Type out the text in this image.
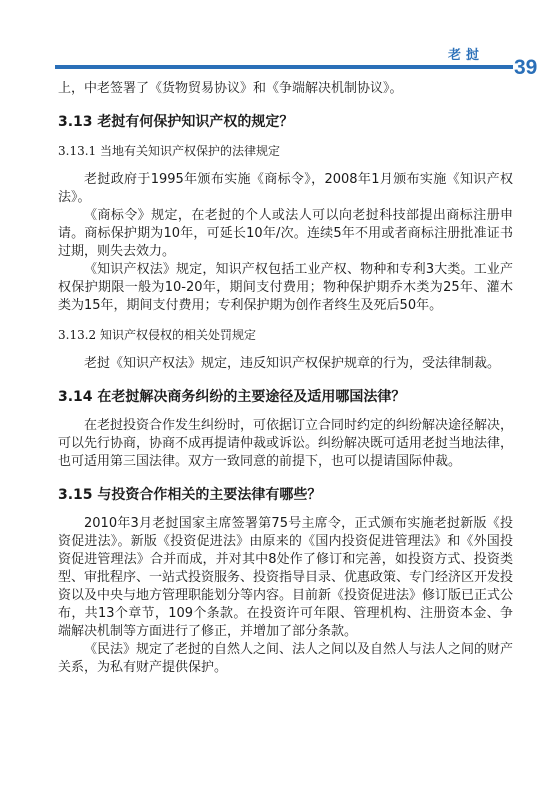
老挝
39

上，中老签署了《货物贸易协议》和《争端解决机制协议》。

3.13 老挝有何保护知识产权的规定？

3.13.1 当地有关知识产权保护的法律规定

老挝政府于1995年颁布实施《商标令》，2008年1月颁布实施《知识产权法》。

《商标令》规定，在老挝的个人或法人可以向老挝科技部提出商标注册申请。商标保护期为10年，可延长10年/次。连续5年不用或者商标注册批准证书过期，则失去效力。

《知识产权法》规定，知识产权包括工业产权、物种和专利3大类。工业产权保护期限一般为10-20年，期间支付费用；物种保护期乔木类为25年、灌木类为15年，期间支付费用；专利保护期为创作者终生及死后50年。

3.13.2 知识产权侵权的相关处罚规定

老挝《知识产权法》规定，违反知识产权保护规章的行为，受法律制裁。

3.14 在老挝解决商务纠纷的主要途径及适用哪国法律？

在老挝投资合作发生纠纷时，可依据订立合同时约定的纠纷解决途径解决，可以先行协商，协商不成再提请仲裁或诉讼。纠纷解决既可适用老挝当地法律，也可适用第三国法律。双方一致同意的前提下，也可以提请国际仲裁。

3.15 与投资合作相关的主要法律有哪些？

2010年3月老挝国家主席签署第75号主席令，正式颁布实施老挝新版《投资促进法》。新版《投资促进法》由原来的《国内投资促进管理法》和《外国投资促进管理法》合并而成，并对其中8处作了修订和完善，如投资方式、投资类型、审批程序、一站式投资服务、投资指导目录、优惠政策、专门经济区开发投资以及中央与地方管理职能划分等内容。目前新《投资促进法》修订版已正式公布，共13个章节，109个条款。在投资许可年限、管理机构、注册资本金、争端解决机制等方面进行了修正，并增加了部分条款。

《民法》规定了老挝的自然人之间、法人之间以及自然人与法人之间的财产关系，为私有财产提供保护。
